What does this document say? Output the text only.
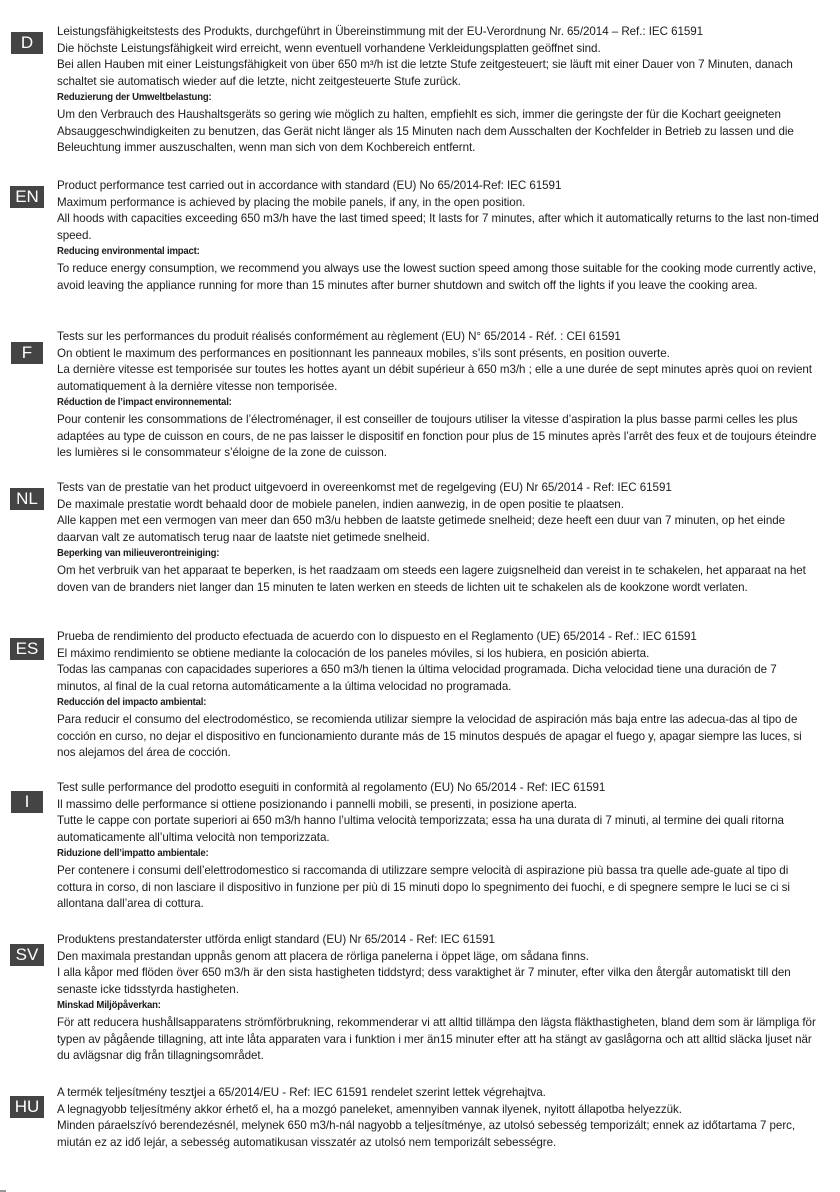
D

Leistungsfähigkeitstests des Produkts, durchgeführt in Übereinstimmung mit der EU-Verordnung Nr. 65/2014 – Ref.: IEC 61591

Die höchste Leistungsfähigkeit wird erreicht, wenn eventuell vorhandene Verkleidungsplatten geöffnet sind.

Bei allen Hauben mit einer Leistungsfähigkeit von über 650 m³/h ist die letzte Stufe zeitgesteuert; sie läuft mit einer Dauer von 7 Minuten, danach schaltet sie automatisch wieder auf die letzte, nicht zeitgesteuerte Stufe zurück.

Reduzierung der Umweltbelastung:

Um den Verbrauch des Haushaltsgeräts so gering wie möglich zu halten, empfiehlt es sich, immer die geringste der für die Kochart geeigneten Absauggeschwindigkeiten zu benutzen, das Gerät nicht länger als 15 Minuten nach dem Ausschalten der Kochfelder in Betrieb zu lassen und die Beleuchtung immer auszuschalten, wenn man sich von dem Kochbereich entfernt.

EN

Product performance test carried out in accordance with standard (EU) No 65/2014-Ref: IEC 61591

Maximum performance is achieved by placing the mobile panels, if any, in the open position.

All hoods with capacities exceeding 650 m3/h have the last timed speed; It lasts for 7 minutes, after which it automatically returns to the last non-timed speed.

Reducing environmental impact:

To reduce energy consumption, we recommend you always use the lowest suction speed among those suitable for the cooking mode currently active, avoid leaving the appliance running for more than 15 minutes after burner shutdown and switch off the lights if you leave the cooking area.

F

Tests sur les performances du produit réalisés conformément au règlement (EU) N° 65/2014 - Réf. : CEI 61591

On obtient le maximum des performances en positionnant les panneaux mobiles, s’ils sont présents, en position ouverte.

La dernière vitesse est temporisée sur toutes les hottes ayant un débit supérieur à 650 m3/h ; elle a une durée de sept minutes après quoi on revient automatiquement à la dernière vitesse non temporisée.

Réduction de l’impact environnemental:

Pour contenir les consommations de l’électroménager, il est conseiller de toujours utiliser la vitesse d’aspiration la plus basse parmi celles les plus adaptées au type de cuisson en cours, de ne pas laisser le dispositif en fonction pour plus de 15 minutes après l’arrêt des feux et de toujours éteindre les lumières si le consommateur s’éloigne de la zone de cuisson.

NL

Tests van de prestatie van het product uitgevoerd in overeenkomst met de regelgeving (EU) Nr 65/2014 - Ref: IEC 61591

De maximale prestatie wordt behaald door de mobiele panelen, indien aanwezig, in de open positie te plaatsen.

Alle kappen met een vermogen van meer dan 650 m3/u hebben de laatste getimede snelheid; deze heeft een duur van 7 minuten, op het einde daarvan valt ze automatisch terug naar de laatste niet getimede snelheid.

Beperking van milieuverontreiniging:

Om het verbruik van het apparaat te beperken, is het raadzaam om steeds een lagere zuigsnelheid dan vereist in te schakelen, het apparaat na het doven van de branders niet langer dan 15 minuten te laten werken en steeds de lichten uit te schakelen als de kookzone wordt verlaten.

ES

Prueba de rendimiento del producto efectuada de acuerdo con lo dispuesto en el Reglamento (UE) 65/2014 - Ref.: IEC 61591

El máximo rendimiento se obtiene mediante la colocación de los paneles móviles, si los hubiera, en posición abierta.

Todas las campanas con capacidades superiores a 650 m3/h tienen la última velocidad programada. Dicha velocidad tiene una duración de 7 minutos, al final de la cual retorna automáticamente a la última velocidad no programada.

Reducción del impacto ambiental:

Para reducir el consumo del electrodoméstico, se recomienda utilizar siempre la velocidad de aspiración más baja entre las adecua-das al tipo de cocción en curso, no dejar el dispositivo en funcionamiento durante más de 15 minutos después de apagar el fuego y, apagar siempre las luces, si nos alejamos del área de cocción.

I

Test sulle performance del prodotto eseguiti in conformità al regolamento (EU) No 65/2014 - Ref: IEC 61591

Il massimo delle performance si ottiene posizionando i pannelli mobili, se presenti, in posizione aperta.

Tutte le cappe con portate superiori ai 650 m3/h hanno l’ultima velocità temporizzata; essa ha una durata di 7 minuti, al termine dei quali ritorna automaticamente all’ultima velocità non temporizzata.

Riduzione dell’impatto ambientale:

Per contenere i consumi dell’elettrodomestico si raccomanda di utilizzare sempre velocità di aspirazione più bassa tra quelle ade-guate al tipo di cottura in corso, di non lasciare il dispositivo in funzione per più di 15 minuti dopo lo spegnimento dei fuochi, e di spegnere sempre le luci se ci si allontana dall’area di cottura.

SV

Produktens prestandaterster utförda enligt standard (EU) Nr 65/2014 - Ref: IEC 61591

Den maximala prestandan uppnås genom att placera de rörliga panelerna i öppet läge, om sådana finns.

I alla kåpor med flöden över 650 m3/h är den sista hastigheten tiddstyrd; dess varaktighet är 7 minuter, efter vilka den återgår automatiskt till den senaste icke tidsstyrda hastigheten.

Minskad Miljöpåverkan:

För att reducera hushållsapparatens strömförbrukning, rekommenderar vi att alltid tillämpa den lägsta fläkthastigheten, bland dem som är lämpliga för typen av pågående tillagning, att inte låta apparaten vara i funktion i mer än15 minuter efter att ha stängt av gaslågorna och att alltid släcka ljuset när du avlägsnar dig från tillagningsområdet.

HU

A termék teljesítmény tesztjei a 65/2014/EU - Ref: IEC 61591 rendelet szerint lettek végrehajtva.

A legnagyobb teljesítmény akkor érhető el, ha a mozgó paneleket, amennyiben vannak ilyenek, nyitott állapotba helyezzük.

Minden páraelszívó berendezésnél, melynek 650 m3/h-nál nagyobb a teljesítménye, az utolsó sebesség temporizált; ennek az időtartama 7 perc, miután ez az idő lejár, a sebesség automatikusan visszatér az utolsó nem temporizált sebességre.
